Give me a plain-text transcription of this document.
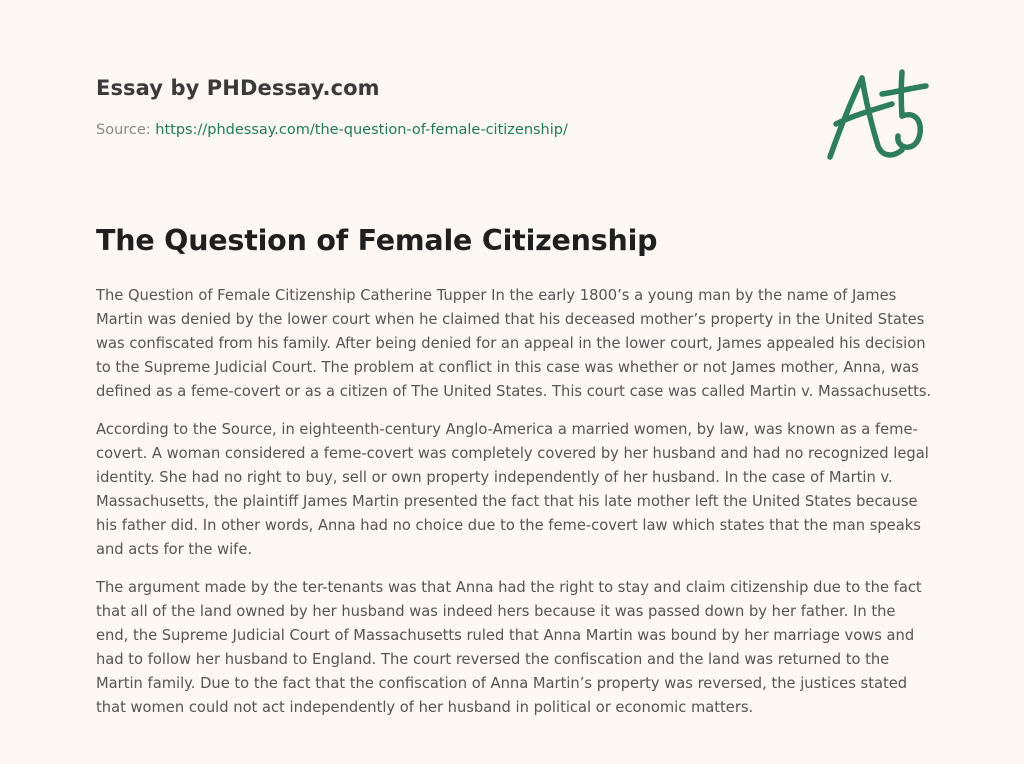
Essay by PHDessay.com
Source: https://phdessay.com/the-question-of-female-citizenship/
The Question of Female Citizenship

The Question of Female Citizenship Catherine Tupper In the early 1800’s a young man by the name of James Martin was denied by the lower court when he claimed that his deceased mother’s property in the United States was confiscated from his family. After being denied for an appeal in the lower court, James appealed his decision to the Supreme Judicial Court. The problem at conflict in this case was whether or not James mother, Anna, was defined as a feme-covert or as a citizen of The United States. This court case was called Martin v. Massachusetts.

According to the Source, in eighteenth-century Anglo-America a married women, by law, was known as a feme-covert. A woman considered a feme-covert was completely covered by her husband and had no recognized legal identity. She had no right to buy, sell or own property independently of her husband. In the case of Martin v. Massachusetts, the plaintiff James Martin presented the fact that his late mother left the United States because his father did. In other words, Anna had no choice due to the feme-covert law which states that the man speaks and acts for the wife.

The argument made by the ter-tenants was that Anna had the right to stay and claim citizenship due to the fact that all of the land owned by her husband was indeed hers because it was passed down by her father. In the end, the Supreme Judicial Court of Massachusetts ruled that Anna Martin was bound by her marriage vows and had to follow her husband to England. The court reversed the confiscation and the land was returned to the Martin family. Due to the fact that the confiscation of Anna Martin’s property was reversed, the justices stated that women could not act independently of her husband in political or economic matters.
